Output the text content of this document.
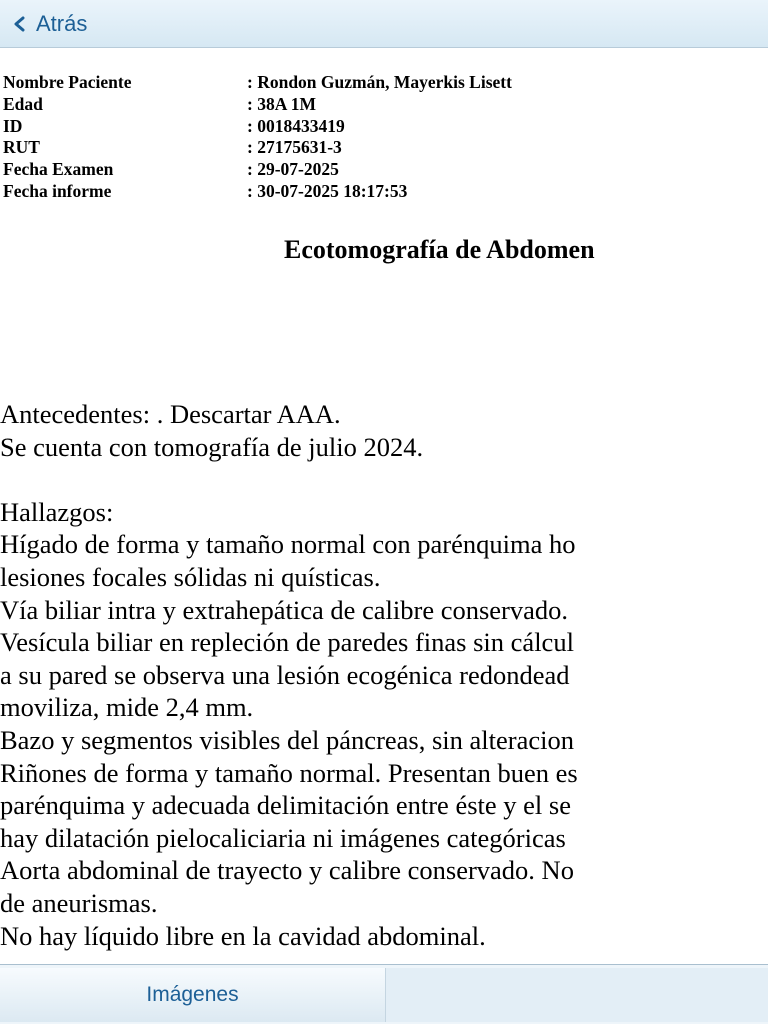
Atrás
Nombre Paciente	: Rondon Guzmán, Mayerkis Lisett
Edad	: 38A 1M
ID	: 0018433419
RUT	: 27175631-3
Fecha Examen	: 29-07-2025
Fecha informe	: 30-07-2025 18:17:53
Ecotomografía de Abdomen
Antecedentes: . Descartar AAA.
Se cuenta con tomografía de julio 2024.
Hallazgos:
Hígado de forma y tamaño normal con parénquima ho
lesiones focales sólidas ni quísticas.
Vía biliar intra y extrahepática de calibre conservado.
Vesícula biliar en repleción de paredes finas sin cálcul
a su pared se observa una lesión ecogénica redondead
moviliza, mide 2,4 mm.
Bazo y segmentos visibles del páncreas, sin alteracion
Riñones de forma y tamaño normal. Presentan buen es
parénquima y adecuada delimitación entre éste y el se
hay dilatación pielocaliciaria ni imágenes categóricas
Aorta abdominal de trayecto y calibre conservado. No
de aneurismas.
No hay líquido libre en la cavidad abdominal.
Imágenes
